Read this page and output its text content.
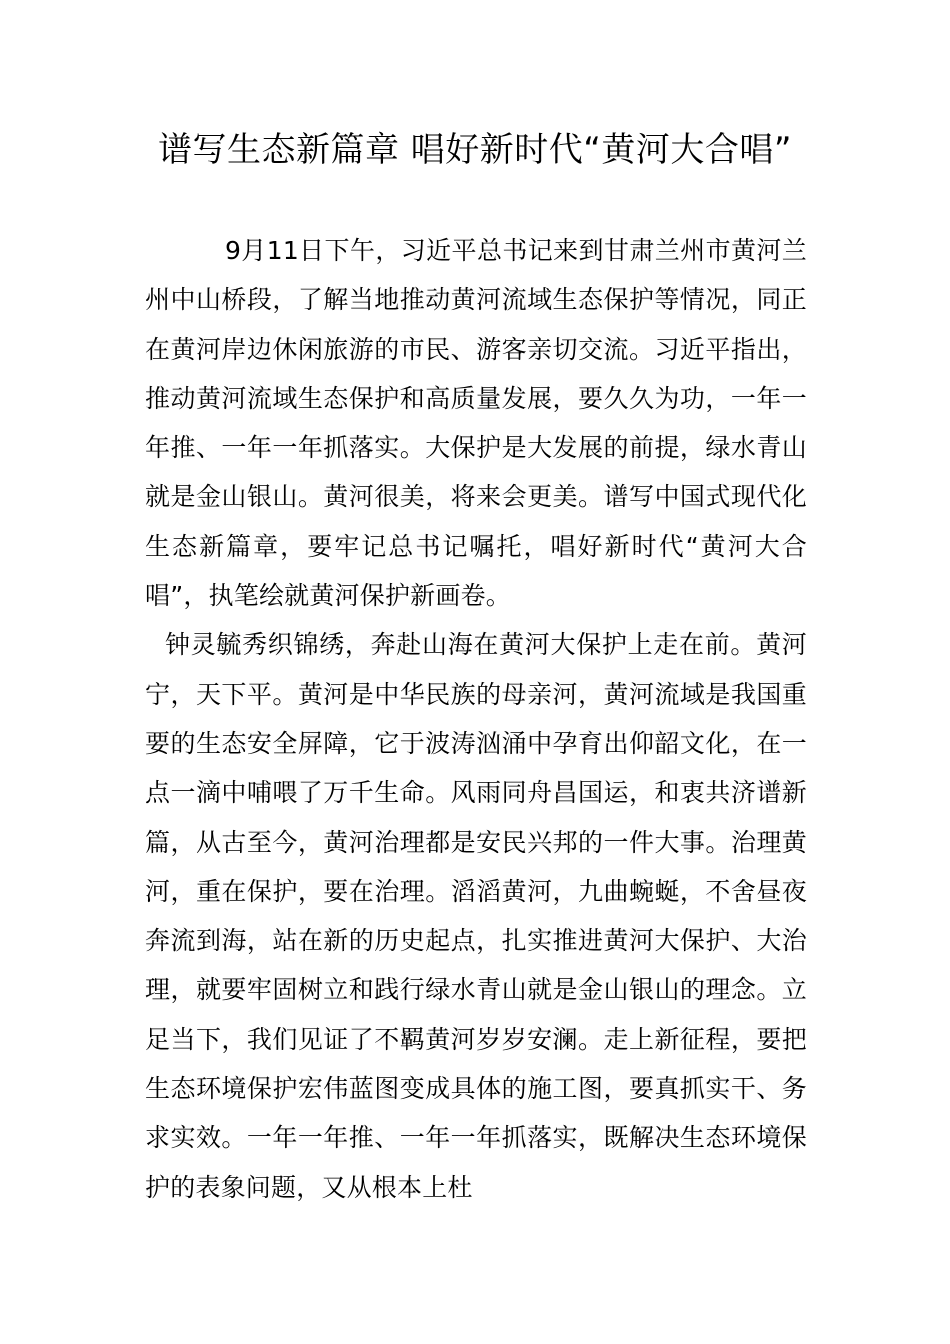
谱写生态新篇章 唱好新时代“黄河大合唱”

9月11日下午，习近平总书记来到甘肃兰州市黄河兰州中山桥段，了解当地推动黄河流域生态保护等情况，同正在黄河岸边休闲旅游的市民、游客亲切交流。习近平指出，推动黄河流域生态保护和高质量发展，要久久为功，一年一年推、一年一年抓落实。大保护是大发展的前提，绿水青山就是金山银山。黄河很美，将来会更美。谱写中国式现代化生态新篇章，要牢记总书记嘱托，唱好新时代“黄河大合唱”，执笔绘就黄河保护新画卷。

钟灵毓秀织锦绣，奔赴山海在黄河大保护上走在前。黄河宁，天下平。黄河是中华民族的母亲河，黄河流域是我国重要的生态安全屏障，它于波涛汹涌中孕育出仰韶文化，在一点一滴中哺喂了万千生命。风雨同舟昌国运，和衷共济谱新篇，从古至今，黄河治理都是安民兴邦的一件大事。治理黄河，重在保护，要在治理。滔滔黄河，九曲蜿蜒，不舍昼夜奔流到海，站在新的历史起点，扎实推进黄河大保护、大治理，就要牢固树立和践行绿水青山就是金山银山的理念。立足当下，我们见证了不羁黄河岁岁安澜。走上新征程，要把生态环境保护宏伟蓝图变成具体的施工图，要真抓实干、务求实效。一年一年推、一年一年抓落实，既解决生态环境保护的表象问题，又从根本上杜
